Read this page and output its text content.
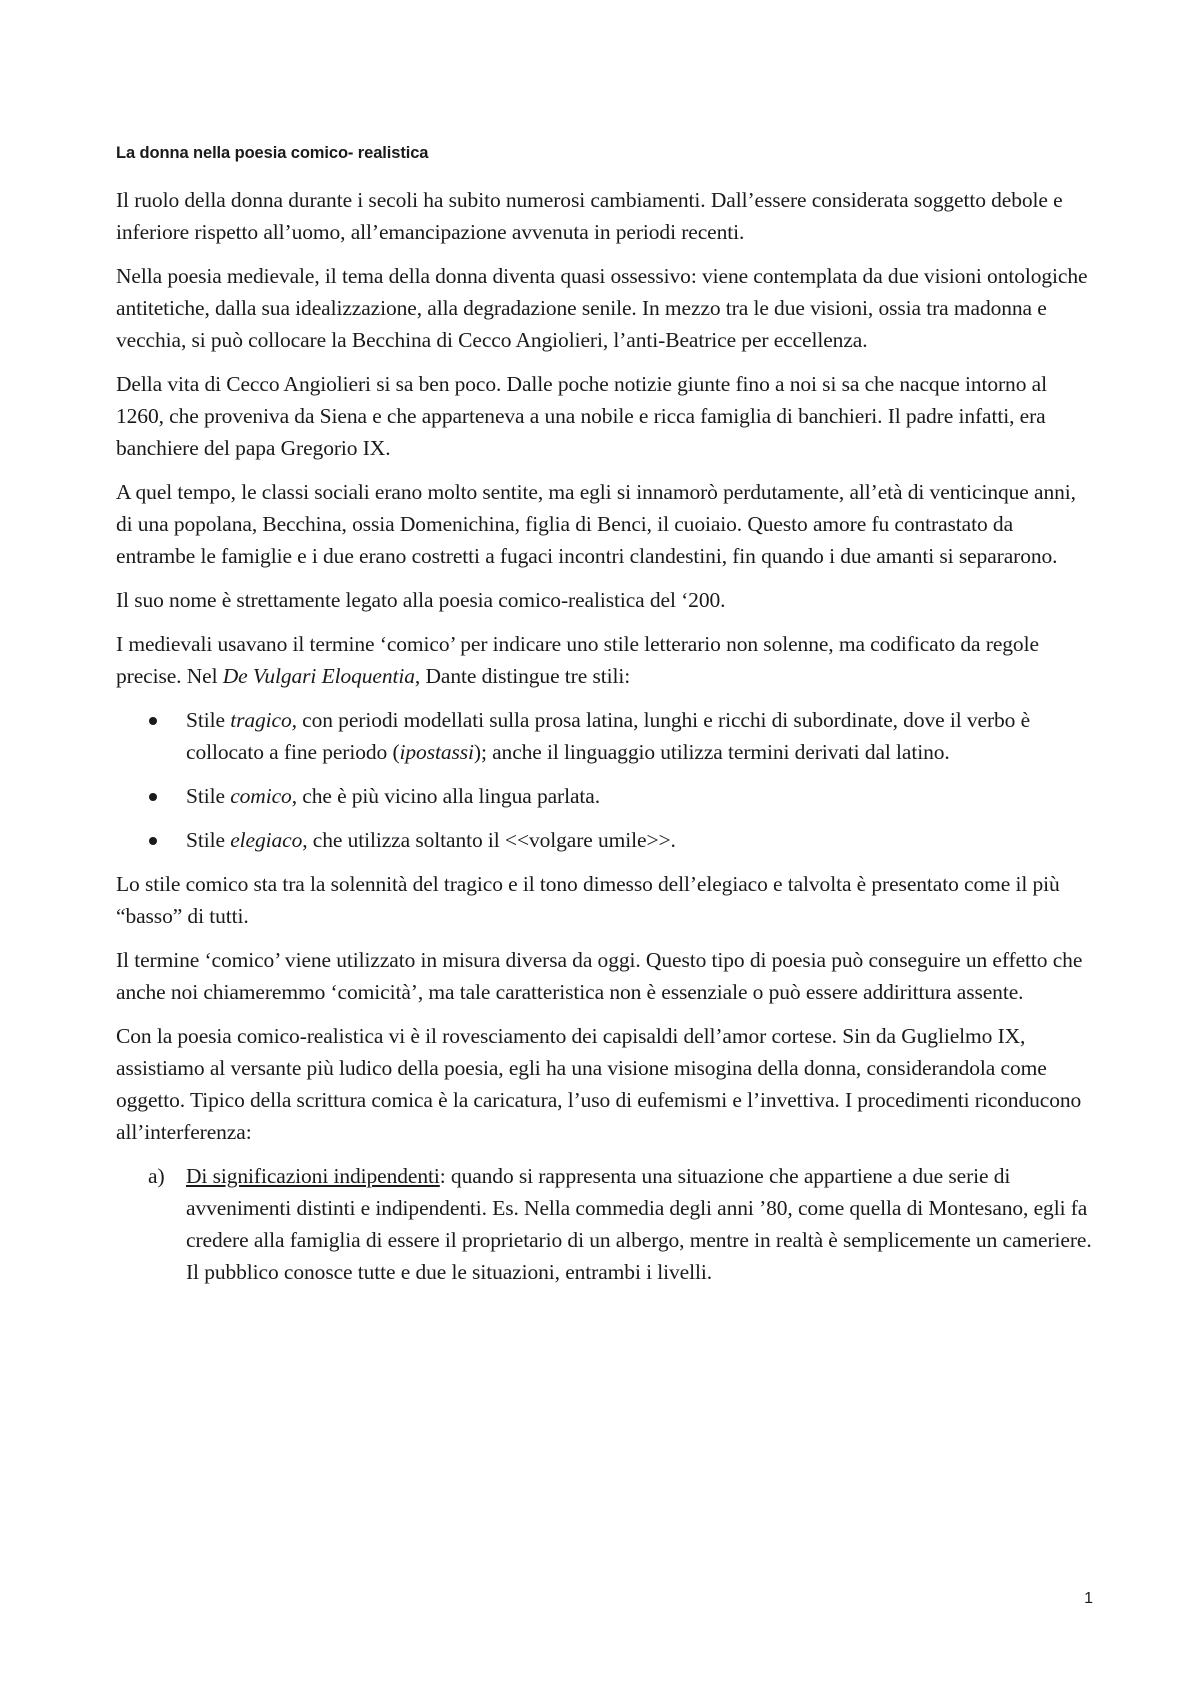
La donna nella poesia comico- realistica

Il ruolo della donna durante i secoli ha subito numerosi cambiamenti. Dall’essere considerata soggetto debole e inferiore rispetto all’uomo, all’emancipazione avvenuta in periodi recenti.

Nella poesia medievale, il tema della donna diventa quasi ossessivo: viene contemplata da due visioni ontologiche antitetiche, dalla sua idealizzazione, alla degradazione senile. In mezzo tra le due visioni, ossia tra madonna e vecchia, si può collocare la Becchina di Cecco Angiolieri, l’anti-Beatrice per eccellenza.

Della vita di Cecco Angiolieri si sa ben poco. Dalle poche notizie giunte fino a noi si sa che nacque intorno al 1260, che proveniva da Siena e che apparteneva a una nobile e ricca famiglia di banchieri. Il padre infatti, era banchiere del papa Gregorio IX.

A quel tempo, le classi sociali erano molto sentite, ma egli si innamorò perdutamente, all’età di venticinque anni, di una popolana, Becchina, ossia Domenichina, figlia di Benci, il cuoiaio. Questo amore fu contrastato da entrambe le famiglie e i due erano costretti a fugaci incontri clandestini, fin quando i due amanti si separarono.

Il suo nome è strettamente legato alla poesia comico-realistica del ‘200.

I medievali usavano il termine ‘comico’ per indicare uno stile letterario non solenne, ma codificato da regole precise. Nel De Vulgari Eloquentia, Dante distingue tre stili:

Stile tragico, con periodi modellati sulla prosa latina, lunghi e ricchi di subordinate, dove il verbo è collocato a fine periodo (ipostassi); anche il linguaggio utilizza termini derivati dal latino.
Stile comico, che è più vicino alla lingua parlata.
Stile elegiaco, che utilizza soltanto il <<volgare umile>>.

Lo stile comico sta tra la solennità del tragico e il tono dimesso dell’elegiaco e talvolta è presentato come il più “basso” di tutti.

Il termine ‘comico’ viene utilizzato in misura diversa da oggi. Questo tipo di poesia può conseguire un effetto che anche noi chiameremmo ‘comicità’, ma tale caratteristica non è essenziale o può essere addirittura assente.

Con la poesia comico-realistica vi è il rovesciamento dei capisaldi dell’amor cortese. Sin da Guglielmo IX, assistiamo al versante più ludico della poesia, egli ha una visione misogina della donna, considerandola come oggetto. Tipico della scrittura comica è la caricatura, l’uso di eufemismi e l’invettiva. I procedimenti riconducono all’interferenza:

a) Di significazioni indipendenti: quando si rappresenta una situazione che appartiene a due serie di avvenimenti distinti e indipendenti. Es. Nella commedia degli anni ’80, come quella di Montesano, egli fa credere alla famiglia di essere il proprietario di un albergo, mentre in realtà è semplicemente un cameriere. Il pubblico conosce tutte e due le situazioni, entrambi i livelli.
1
